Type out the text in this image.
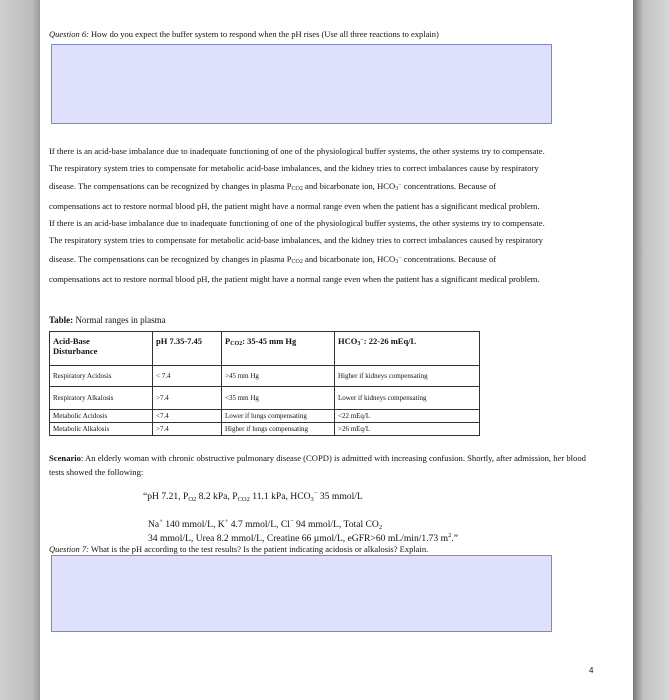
Question 6: How do you expect the buffer system to respond when the pH rises (Use all three reactions to explain)

If there is an acid-base imbalance due to inadequate functioning of one of the physiological buffer systems, the other systems try to compensate. The respiratory system tries to compensate for metabolic acid-base imbalances, and the kidney tries to correct imbalances cause by respiratory disease. The compensations can be recognized by changes in plasma PCO2 and bicarbonate ion, HCO3− concentrations. Because of compensations act to restore normal blood pH, the patient might have a normal range even when the patient has a significant medical problem.

If there is an acid-base imbalance due to inadequate functioning of one of the physiological buffer systems, the other systems try to compensate. The respiratory system tries to compensate for metabolic acid-base imbalances, and the kidney tries to correct imbalances caused by respiratory disease. The compensations can be recognized by changes in plasma PCO2 and bicarbonate ion, HCO3− concentrations. Because of compensations act to restore normal blood pH, the patient might have a normal range even when the patient has a significant medical problem.

Table: Normal ranges in plasma
Acid-Base
Disturbance	pH 7.35-7.45	PCO2: 35-45 mm Hg	HCO3−: 22-26 mEq/L
Respiratory Acidosis	< 7.4	>45 mm Hg	Higher if kidneys compensating
Respiratory Alkalosis	>7.4	<35 mm Hg	Lower if kidneys compensating
Metabolic Acidosis	<7.4	Lower if lungs compensating	<22 mEq/L
Metabolic Alkalosis	>7.4	Higher if lungs compensating	>26 mEq/L
Scenario: An elderly woman with chronic obstructive pulmonary disease (COPD) is admitted with increasing confusion. Shortly, after admission, her blood tests showed the following:
“pH 7.21, $P_{O2}$ 8.2 kPa, $P_{CO2}$ 11.1 kPa, $HCO_3^-$ 35 mmol/L
Na+ 140 mmol/L, K+ 4.7 mmol/L, Cl− 94 mmol/L, Total $CO_2$
34 mmol/L, Urea 8.2 mmol/L, Creatine 66 µmol/L, eGFR>60 mL/min/1.73 $m^2$.”
Question 7: What is the pH according to the test results? Is the patient indicating acidosis or alkalosis? Explain.
4
